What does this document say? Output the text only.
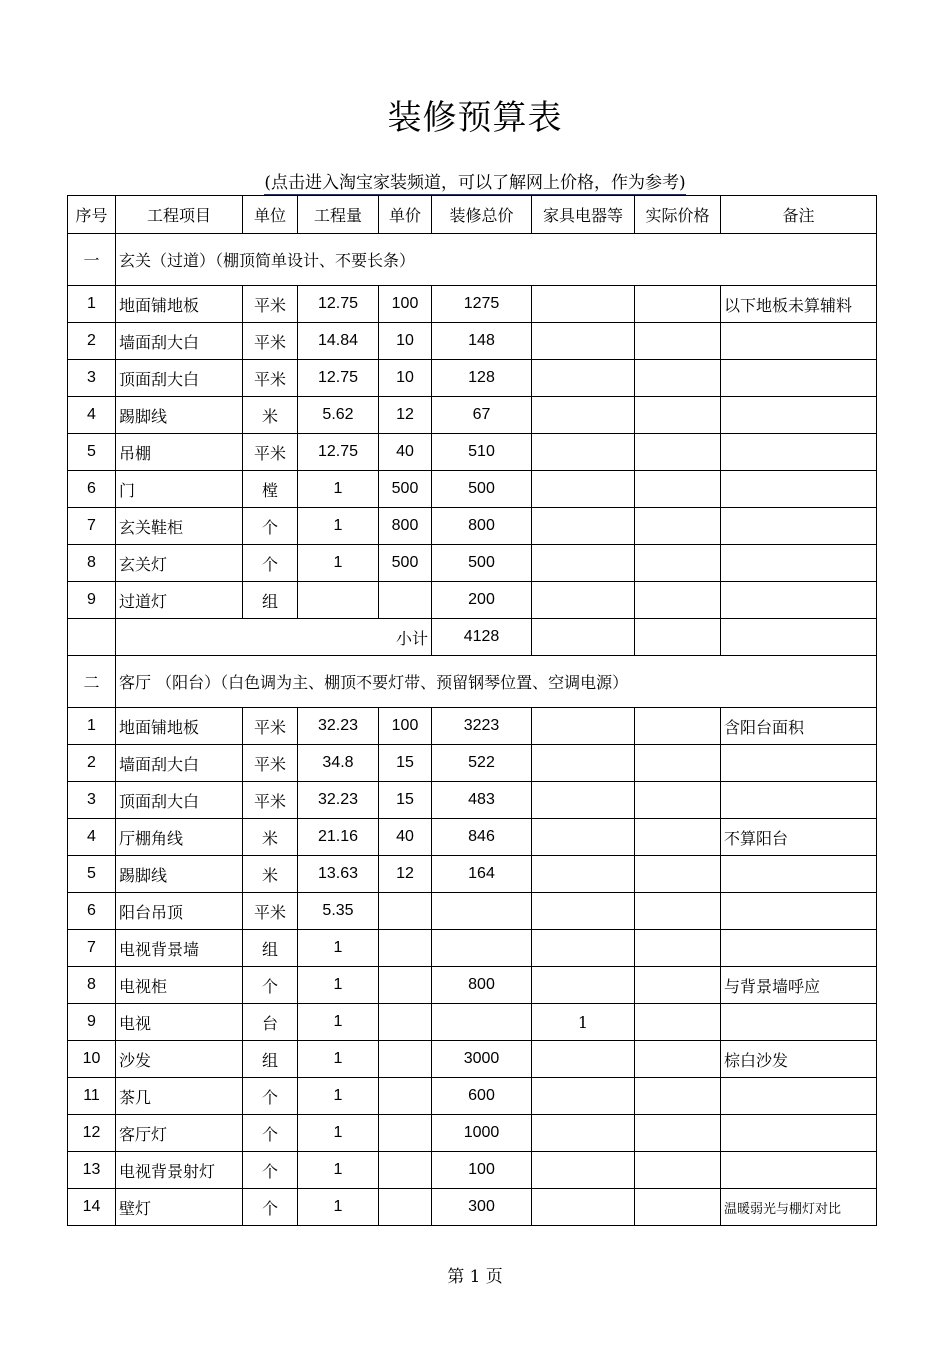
装修预算表
(点击进入淘宝家装频道，可以了解网上价格，作为参考)
序号	工程项目	单位	工程量	单价	装修总价	家具电器等	实际价格	备注
一	玄关（过道）（棚顶简单设计、不要长条）							
1	地面铺地板	平米	12.75	100	1275			以下地板未算辅料
2	墙面刮大白	平米	14.84	10	148			
3	顶面刮大白	平米	12.75	10	128			
4	踢脚线	米	5.62	12	67			
5	吊棚	平米	12.75	40	510			
6	门	樘	1	500	500			
7	玄关鞋柜	个	1	800	800			
8	玄关灯	个	1	500	500			
9	过道灯	组			200			
	小计				4128			
二	客厅 （阳台）（白色调为主、棚顶不要灯带、预留钢琴位置、空调电源）							
1	地面铺地板	平米	32.23	100	3223			含阳台面积
2	墙面刮大白	平米	34.8	15	522			
3	顶面刮大白	平米	32.23	15	483			
4	厅棚角线	米	21.16	40	846			不算阳台
5	踢脚线	米	13.63	12	164			
6	阳台吊顶	平米	5.35					
7	电视背景墙	组	1					
8	电视柜	个	1		800			与背景墙呼应
9	电视	台	1			1		
10	沙发	组	1		3000			棕白沙发
11	茶几	个	1		600			
12	客厅灯	个	1		1000			
13	电视背景射灯	个	1		100			
14	壁灯	个	1		300			温暖弱光与棚灯对比
第 1 页
